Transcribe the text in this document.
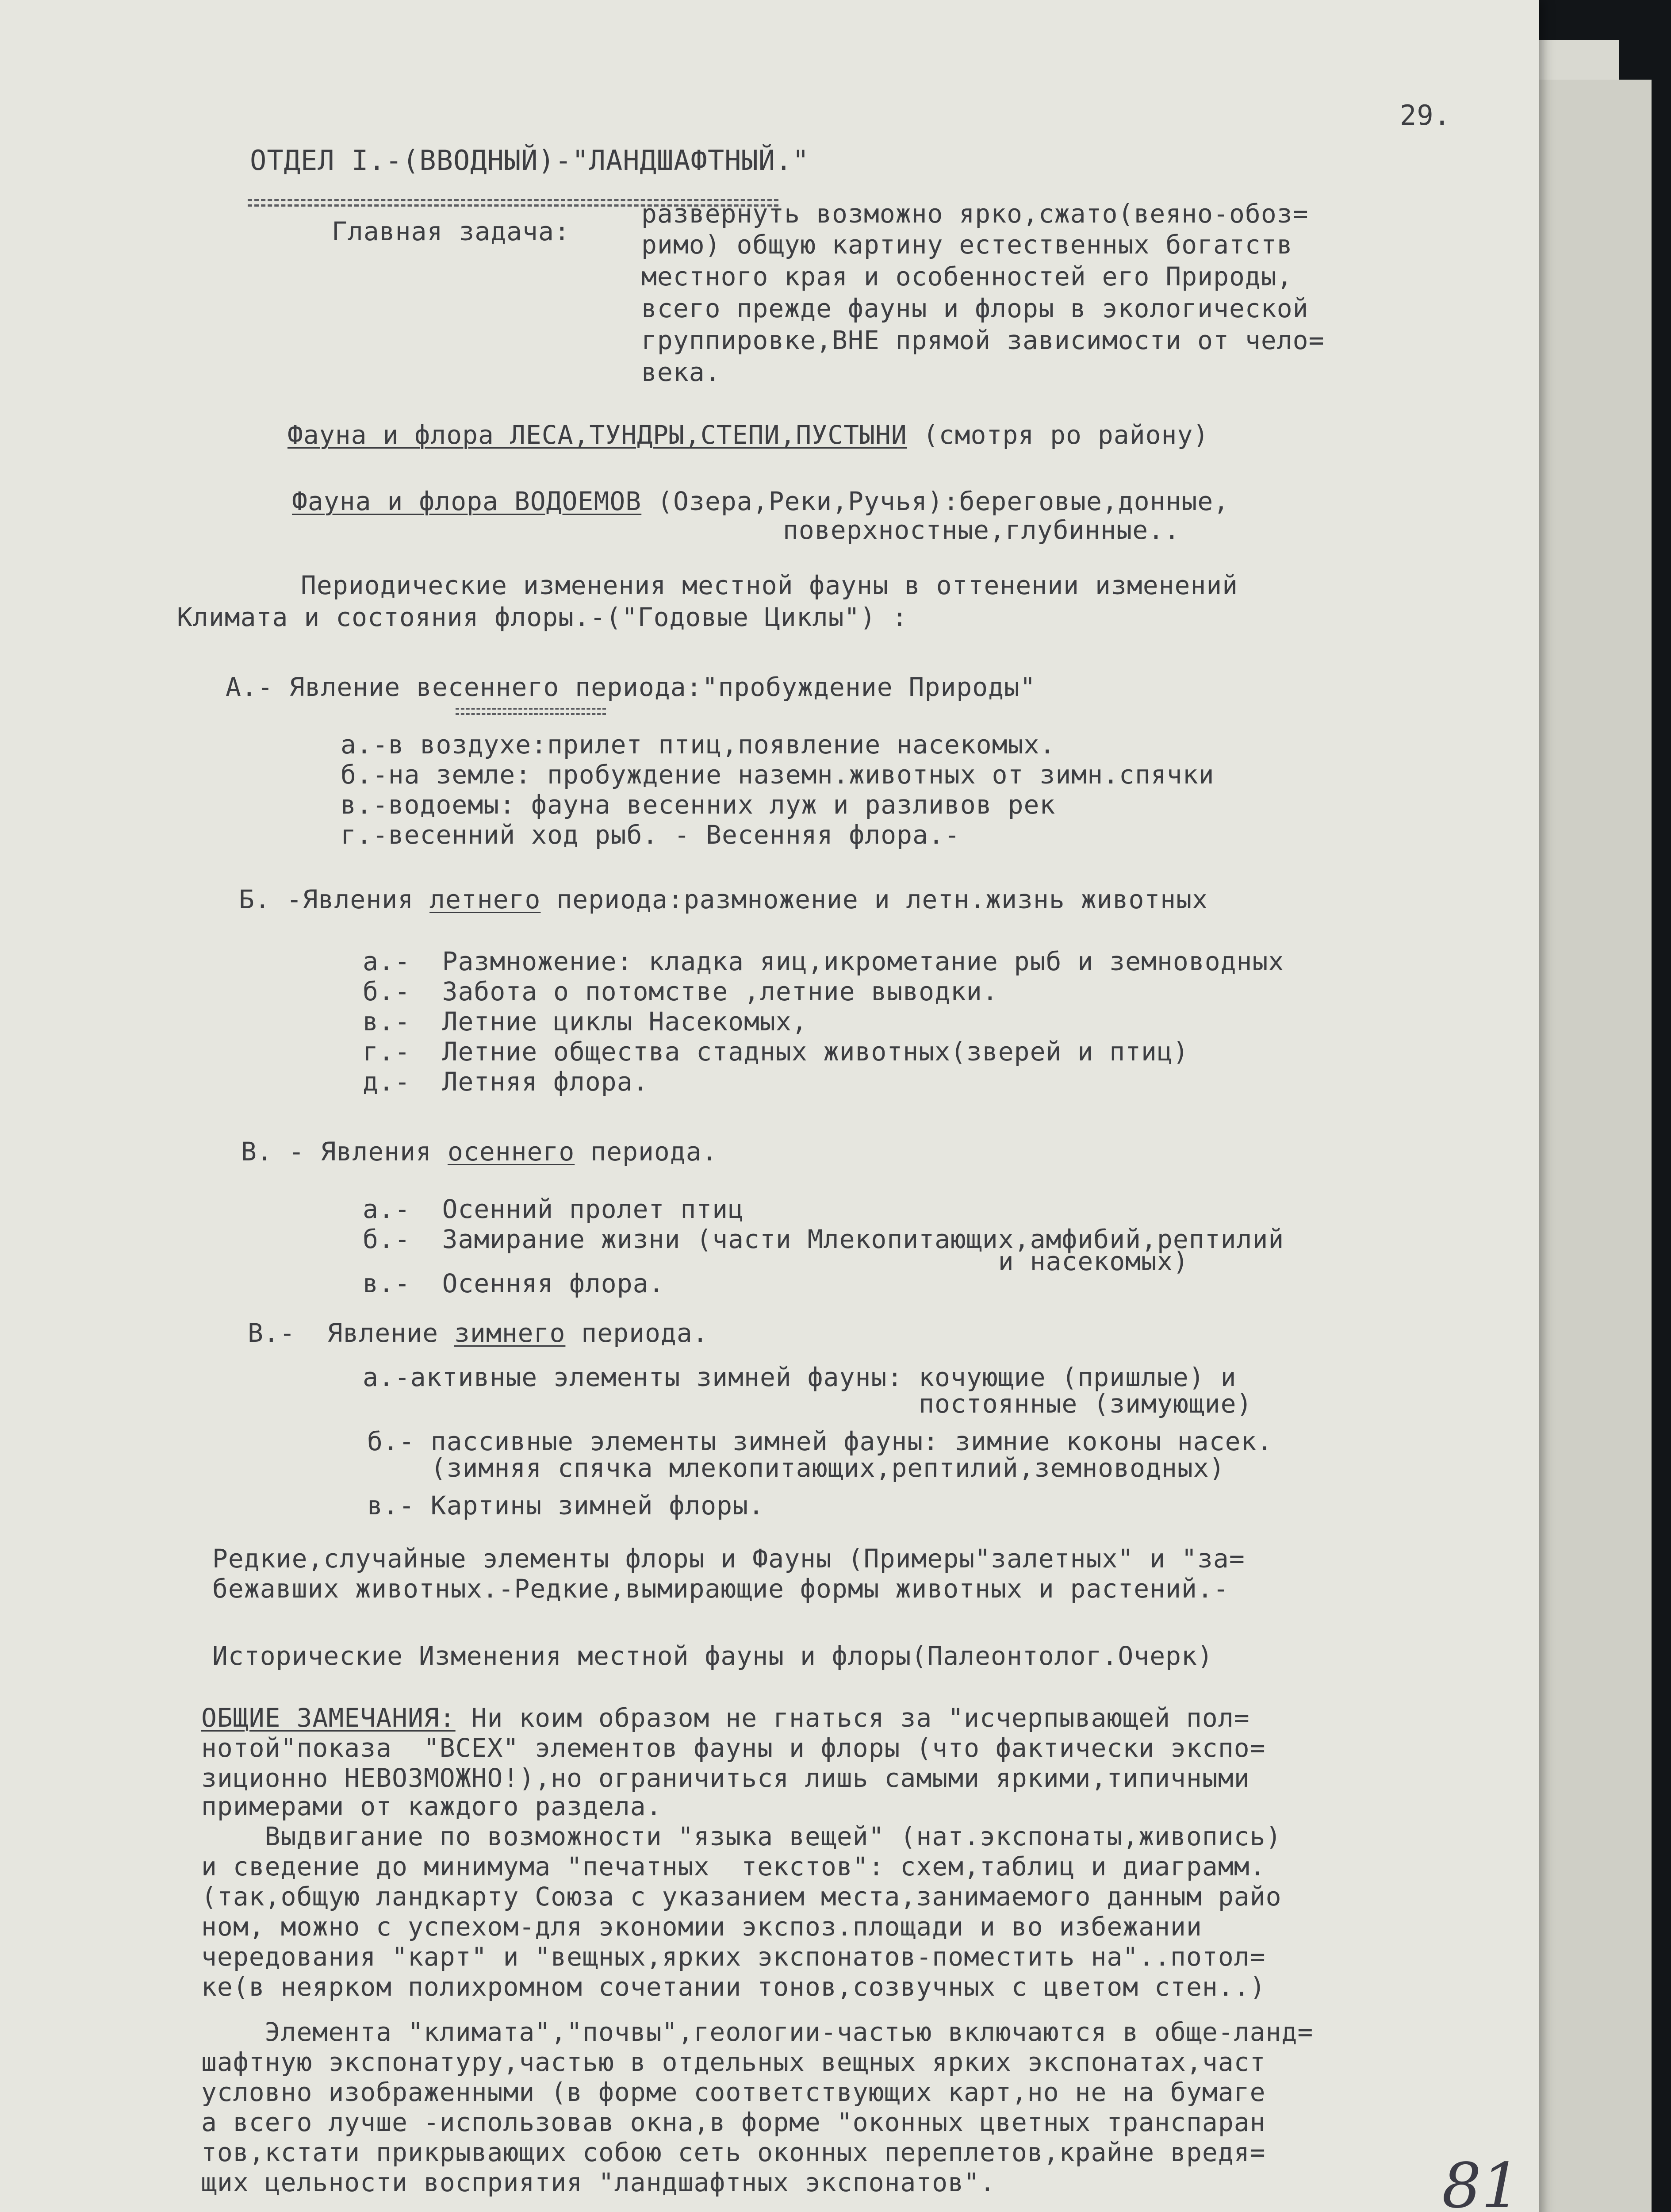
29.
ОТДЕЛ I.-(ВВОДНЫЙ)-"ЛАНДШАФТНЫЙ."
Главная задача:
развернуть возможно ярко,сжато(веяно-обоз=
римо) общую картину естественных богатств
местного края и особенностей его Природы,
всего прежде фауны и флоры в экологической
группировке,ВНЕ прямой зависимости от чело=
века.
Фауна и флора ЛЕСА,ТУНДРЫ,СТЕПИ,ПУСТЫНИ (смотря ро району)
Фауна и флора ВОДОЕМОВ (Озера,Реки,Ручья):береговые,донные,
поверхностные,глубинные..
Периодические изменения местной фауны в оттенении изменений
Климата и состояния флоры.-("Годовые Циклы") :
А.- Явление весеннего периода:"пробуждение Природы"
а.-в воздухе:прилет птиц,появление насекомых.
б.-на земле: пробуждение наземн.животных от зимн.спячки
в.-водоемы: фауна весенних луж и разливов рек
г.-весенний ход рыб. - Весенняя флора.-
Б. -Явления летнего периода:размножение и летн.жизнь животных
а.-  Размножение: кладка яиц,икрометание рыб и земноводных
б.-  Забота о потомстве ,летние выводки.
в.-  Летние циклы Насекомых,
г.-  Летние общества стадных животных(зверей и птиц)
д.-  Летняя флора.
В. - Явления осеннего периода.
а.-  Осенний пролет птиц
б.-  Замирание жизни (части Млекопитающих,амфибий,рептилий
и насекомых)
в.-  Осенняя флора.
В.-  Явление зимнего периода.
а.-активные элементы зимней фауны: кочующие (пришлые) и
постоянные (зимующие)
б.- пассивные элементы зимней фауны: зимние коконы насек.
(зимняя спячка млекопитающих,рептилий,земноводных)
в.- Картины зимней флоры.
Редкие,случайные элементы флоры и Фауны (Примеры"залетных" и "за=
бежавших животных.-Редкие,вымирающие формы животных и растений.-
Исторические Изменения местной фауны и флоры(Палеонтолог.Очерк)
ОБЩИЕ ЗАМЕЧАНИЯ: Ни коим образом не гнаться за "исчерпывающей пол=
нотой"показа  "ВСЕХ" элементов фауны и флоры (что фактически экспо=
зиционно НЕВОЗМОЖНО!),но ограничиться лишь самыми яркими,типичными
примерами от каждого раздела.
Выдвигание по возможности "языка вещей" (нат.экспонаты,живопись)
и сведение до минимума "печатных  текстов": схем,таблиц и диаграмм.
(так,общую ландкарту Союза с указанием места,занимаемого данным райо
ном, можно с успехом-для экономии экспоз.площади и во избежании
чередования "карт" и "вещных,ярких экспонатов-поместить на"..потол=
ке(в неярком полихромном сочетании тонов,созвучных с цветом стен..)
Элемента "климата","почвы",геологии-частью включаются в обще-ланд=
шафтную экспонатуру,частью в отдельных вещных ярких экспонатах,част
условно изображенными (в форме соответствующих карт,но не на бумаге
а всего лучше -использовав окна,в форме "оконных цветных транспаран
тов,кстати прикрывающих собою сеть оконных переплетов,крайне вредя=
щих цельности восприятия "ландшафтных экспонатов".	81
